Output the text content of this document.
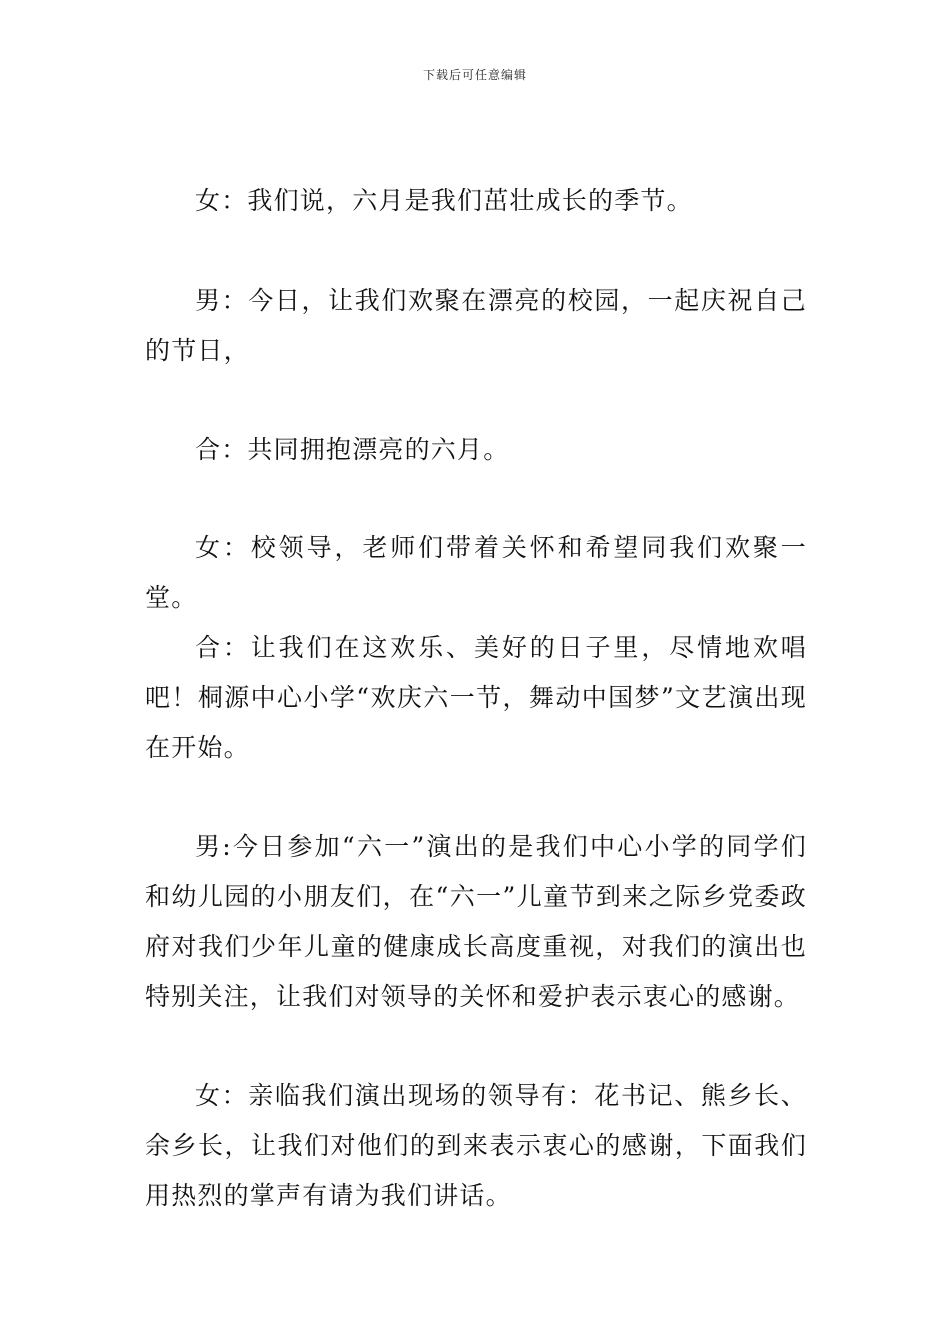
下载后可任意编辑

女：我们说，六月是我们茁壮成长的季节。

男：今日，让我们欢聚在漂亮的校园，一起庆祝自己的节日，

合：共同拥抱漂亮的六月。

女：校领导，老师们带着关怀和希望同我们欢聚一堂。

合：让我们在这欢乐、美好的日子里，尽情地欢唱吧！桐源中心小学“欢庆六一节，舞动中国梦”文艺演出现在开始。

男:今日参加“六一”演出的是我们中心小学的同学们和幼儿园的小朋友们，在“六一”儿童节到来之际乡党委政府对我们少年儿童的健康成长高度重视，对我们的演出也特别关注，让我们对领导的关怀和爱护表示衷心的感谢。

女：亲临我们演出现场的领导有：花书记、熊乡长、余乡长，让我们对他们的到来表示衷心的感谢，下面我们用热烈的掌声有请为我们讲话。
